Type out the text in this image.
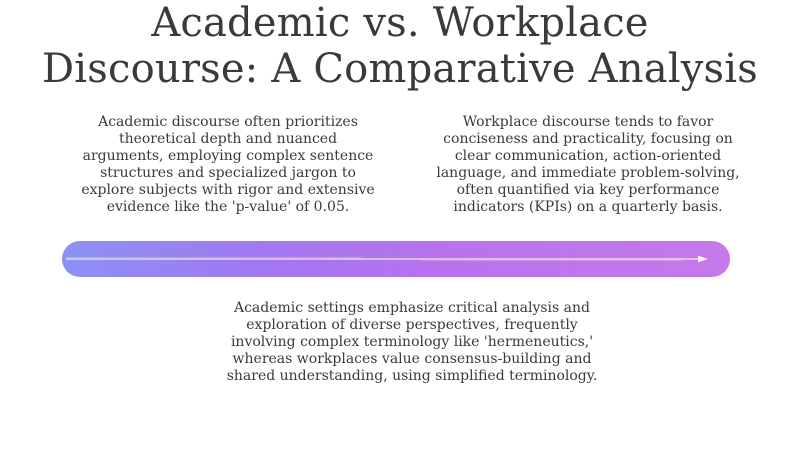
Academic vs. Workplace
Discourse: A Comparative Analysis
Academic discourse often prioritizes theoretical depth and nuanced arguments, employing complex sentence structures and specialized jargon to explore subjects with rigor and extensive evidence like the 'p-value' of 0.05.
Workplace discourse tends to favor conciseness and practicality, focusing on clear communication, action-oriented language, and immediate problem-solving, often quantified via key performance indicators (KPIs) on a quarterly basis.
Academic settings emphasize critical analysis and exploration of diverse perspectives, frequently involving complex terminology like 'hermeneutics,' whereas workplaces value consensus-building and shared understanding, using simplified terminology.
